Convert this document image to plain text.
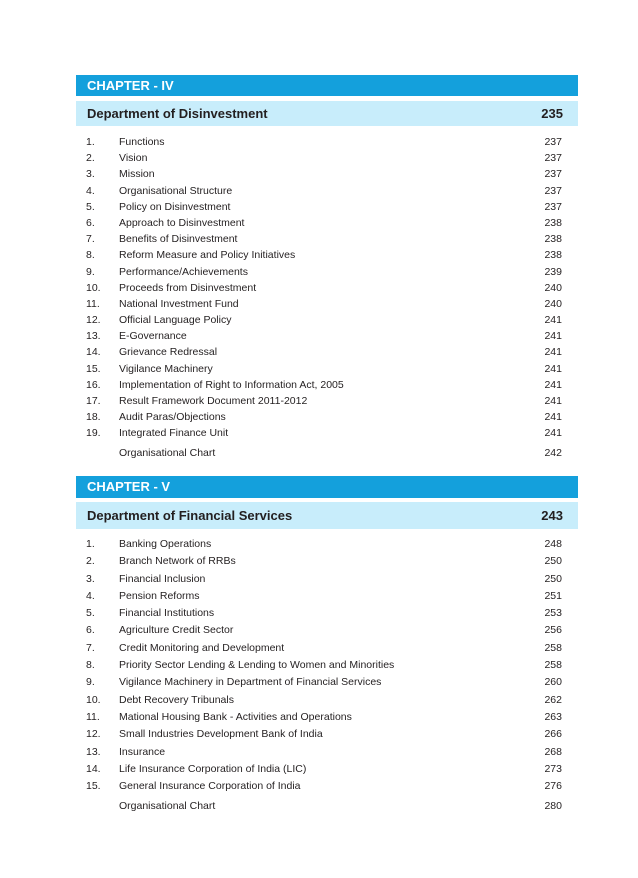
CHAPTER - IV
Department of Disinvestment	235
1. Functions	237
2. Vision	237
3. Mission	237
4. Organisational Structure	237
5. Policy on Disinvestment	237
6. Approach to Disinvestment	238
7. Benefits of Disinvestment	238
8. Reform Measure and Policy Initiatives	238
9. Performance/Achievements	239
10. Proceeds from Disinvestment	240
11. National Investment Fund	240
12. Official Language Policy	241
13. E-Governance	241
14. Grievance Redressal	241
15. Vigilance Machinery	241
16. Implementation of Right to Information Act, 2005	241
17. Result Framework Document 2011-2012	241
18. Audit Paras/Objections	241
19. Integrated Finance Unit	241
Organisational Chart	242
CHAPTER - V
Department of Financial Services	243
1. Banking Operations	248
2. Branch Network of RRBs	250
3. Financial Inclusion	250
4. Pension Reforms	251
5. Financial Institutions	253
6. Agriculture Credit Sector	256
7. Credit Monitoring and Development	258
8. Priority Sector Lending & Lending to Women and Minorities	258
9. Vigilance Machinery in Department of Financial Services	260
10. Debt Recovery Tribunals	262
11. Mational Housing Bank - Activities and Operations	263
12. Small Industries Development Bank of India	266
13. Insurance	268
14. Life Insurance Corporation of India (LIC)	273
15. General Insurance Corporation of India	276
Organisational Chart	280
